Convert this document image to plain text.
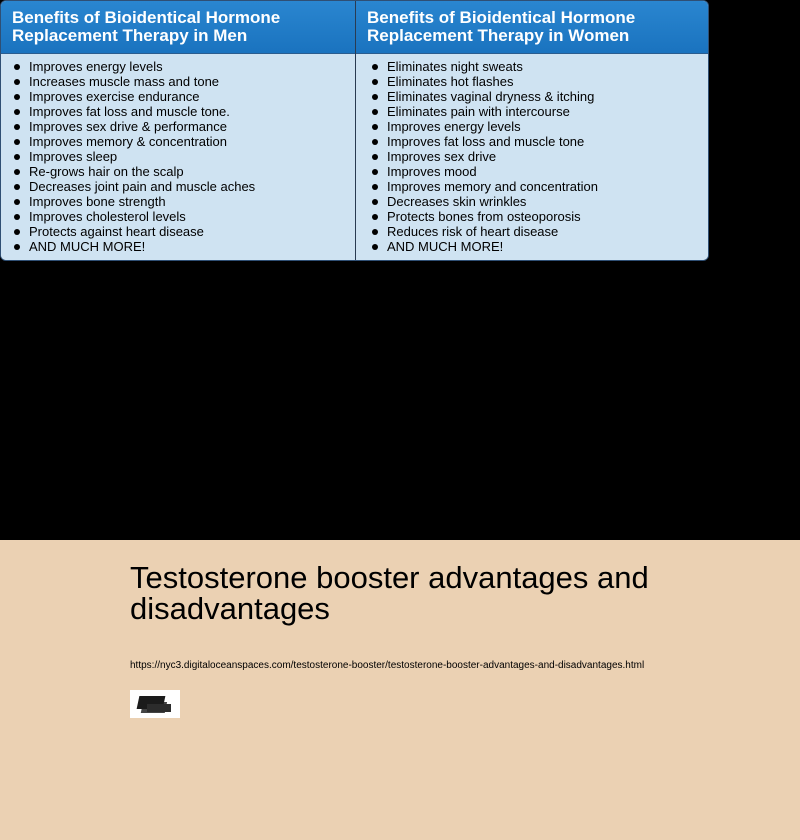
Benefits of Bioidentical Hormone Replacement Therapy in Men
Improves energy levels
Increases muscle mass and tone
Improves exercise endurance
Improves fat loss and muscle tone.
Improves sex drive & performance
Improves memory & concentration
Improves sleep
Re-grows hair on the scalp
Decreases joint pain and muscle aches
Improves bone strength
Improves cholesterol levels
Protects against heart disease
AND MUCH MORE!
Benefits of Bioidentical Hormone Replacement Therapy in Women
Eliminates night sweats
Eliminates hot flashes
Eliminates vaginal dryness & itching
Eliminates pain with intercourse
Improves energy levels
Improves fat loss and muscle tone
Improves sex drive
Improves mood
Improves memory and concentration
Decreases skin wrinkles
Protects bones from osteoporosis
Reduces risk of heart disease
AND MUCH MORE!
Testosterone booster advantages and disadvantages
https://nyc3.digitaloceanspaces.com/testosterone-booster/testosterone-booster-advantages-and-disadvantages.html
